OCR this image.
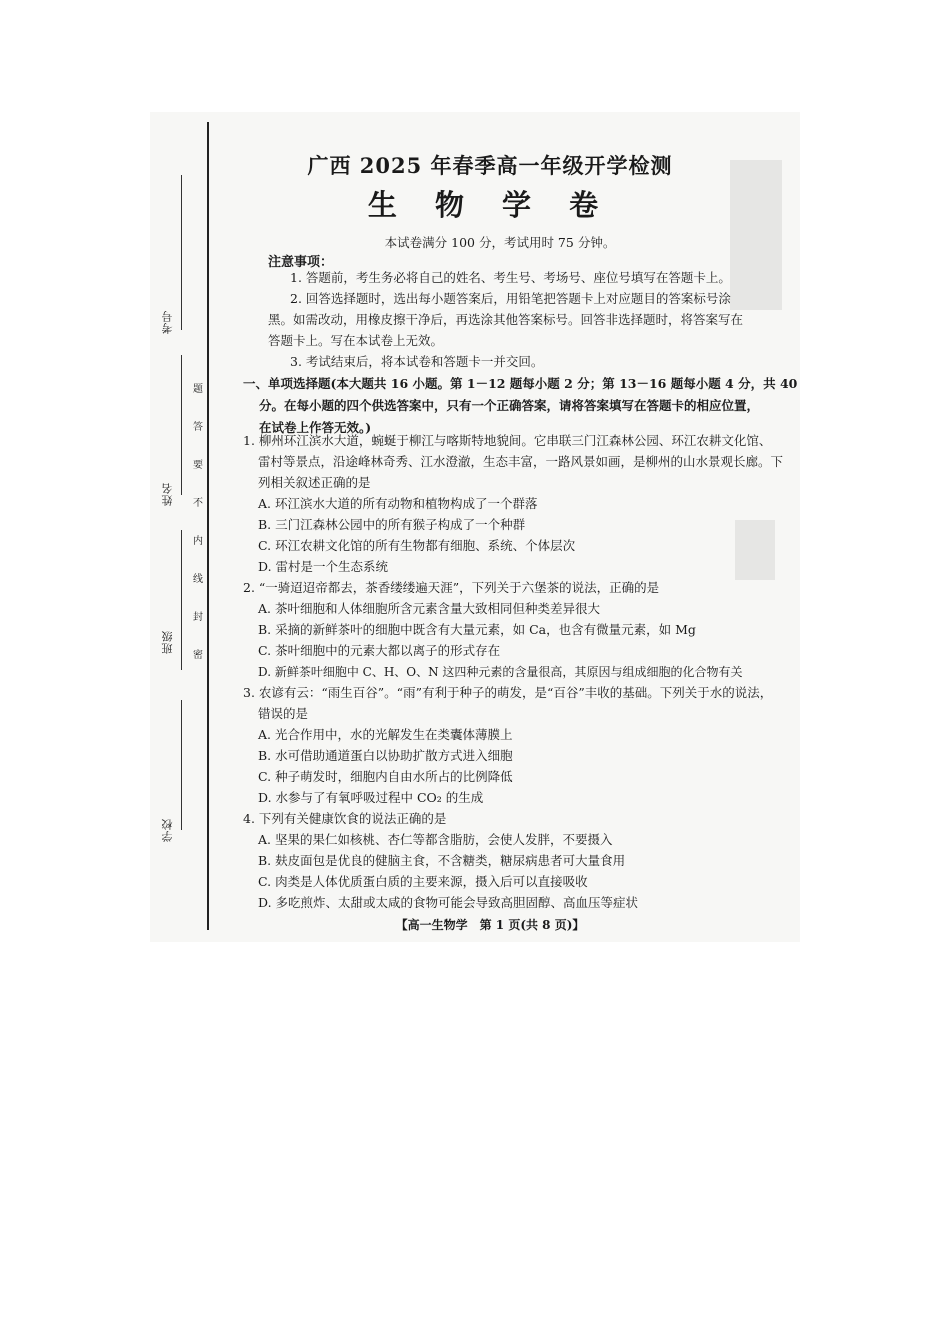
考号
姓名
班级
学校
题
答
要
不
内
线
封
密
广西 2025 年春季高一年级开学检测
生 物 学 卷
本试卷满分 100 分，考试用时 75 分钟。
注意事项：
1. 答题前，考生务必将自己的姓名、考生号、考场号、座位号填写在答题卡上。
2. 回答选择题时，选出每小题答案后，用铅笔把答题卡上对应题目的答案标号涂
黑。如需改动，用橡皮擦干净后，再选涂其他答案标号。回答非选择题时，将答案写在
答题卡上。写在本试卷上无效。
3. 考试结束后，将本试卷和答题卡一并交回。
一、单项选择题(本大题共 16 小题。第 1－12 题每小题 2 分；第 13－16 题每小题 4 分，共 40
分。在每小题的四个供选答案中，只有一个正确答案，请将答案填写在答题卡的相应位置，
在试卷上作答无效。)
1. 柳州环江滨水大道，蜿蜒于柳江与喀斯特地貌间。它串联三门江森林公园、环江农耕文化馆、
雷村等景点，沿途峰林奇秀、江水澄澈，生态丰富，一路风景如画，是柳州的山水景观长廊。下
列相关叙述正确的是
A. 环江滨水大道的所有动物和植物构成了一个群落
B. 三门江森林公园中的所有猴子构成了一个种群
C. 环江农耕文化馆的所有生物都有细胞、系统、个体层次
D. 雷村是一个生态系统
2. “一骑迢迢帝都去，茶香缕缕遍天涯”，下列关于六堡茶的说法，正确的是
A. 茶叶细胞和人体细胞所含元素含量大致相同但种类差异很大
B. 采摘的新鲜茶叶的细胞中既含有大量元素，如 Ca，也含有微量元素，如 Mg
C. 茶叶细胞中的元素大都以离子的形式存在
D. 新鲜茶叶细胞中 C、H、O、N 这四种元素的含量很高，其原因与组成细胞的化合物有关
3. 农谚有云：“雨生百谷”。“雨”有利于种子的萌发，是“百谷”丰收的基础。下列关于水的说法，
错误的是
A. 光合作用中，水的光解发生在类囊体薄膜上
B. 水可借助通道蛋白以协助扩散方式进入细胞
C. 种子萌发时，细胞内自由水所占的比例降低
D. 水参与了有氧呼吸过程中 CO₂ 的生成
4. 下列有关健康饮食的说法正确的是
A. 坚果的果仁如核桃、杏仁等都含脂肪，会使人发胖，不要摄入
B. 麸皮面包是优良的健脑主食，不含糖类，糖尿病患者可大量食用
C. 肉类是人体优质蛋白质的主要来源，摄入后可以直接吸收
D. 多吃煎炸、太甜或太咸的食物可能会导致高胆固醇、高血压等症状
【高一生物学　第 1 页(共 8 页)】
